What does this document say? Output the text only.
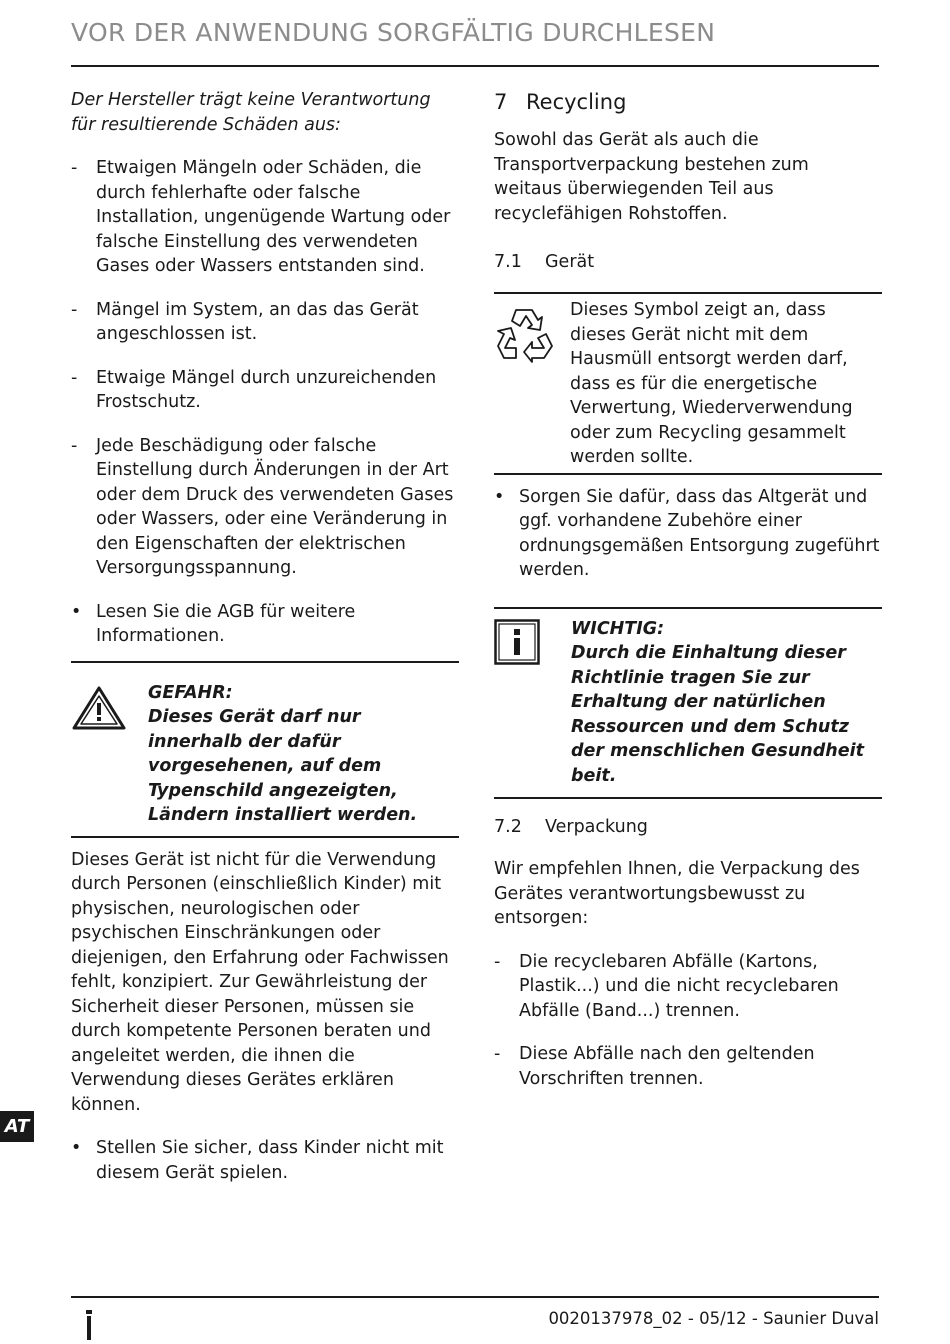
VOR DER ANWENDUNG SORGFÄLTIG DURCHLESEN

Der Hersteller trägt keine Verantwortung für resultierende Schäden aus:

- Etwaigen Mängeln oder Schäden, die durch fehlerhafte oder falsche Installation, ungenügende Wartung oder falsche Einstellung des verwendeten Gases oder Wassers entstanden sind.
- Mängel im System, an das das Gerät angeschlossen ist.
- Etwaige Mängel durch unzureichenden Frostschutz.
- Jede Beschädigung oder falsche Einstellung durch Änderungen in der Art oder dem Druck des verwendeten Gases oder Wassers, oder eine Veränderung in den Eigenschaften der elektrischen Versorgungsspannung.
• Lesen Sie die AGB für weitere Informationen.
GEFAHR:
Dieses Gerät darf nur innerhalb der dafür vorgesehenen, auf dem Typenschild angezeigten, Ländern installiert werden.

Dieses Gerät ist nicht für die Verwendung durch Personen (einschließlich Kinder) mit physischen, neurologischen oder psychischen Einschränkungen oder diejenigen, den Erfahrung oder Fachwissen fehlt, konzipiert. Zur Gewährleistung der Sicherheit dieser Personen, müssen sie durch kompetente Personen beraten und angeleitet werden, die ihnen die Verwendung dieses Gerätes erklären können.

• Stellen Sie sicher, dass Kinder nicht mit diesem Gerät spielen.
7 Recycling

Sowohl das Gerät als auch die Transportverpackung bestehen zum weitaus überwiegenden Teil aus recyclefähigen Rohstoffen.

7.1 Gerät
Dieses Symbol zeigt an, dass dieses Gerät nicht mit dem Hausmüll entsorgt werden darf, dass es für die energetische Verwertung, Wiederverwendung oder zum Recycling gesammelt werden sollte.
• Sorgen Sie dafür, dass das Altgerät und ggf. vorhandene Zubehöre einer ordnungsgemäßen Entsorgung zugeführt werden.
WICHTIG:
Durch die Einhaltung dieser Richtlinie tragen Sie zur Erhaltung der natürlichen Ressourcen und dem Schutz der menschlichen Gesundheit beit.
7.2 Verpackung

Wir empfehlen Ihnen, die Verpackung des Gerätes verantwortungsbewusst zu entsorgen:

- Die recyclebaren Abfälle (Kartons, Plastik...) und die nicht recyclebaren Abfälle (Band...) trennen.
- Diese Abfälle nach den geltenden Vorschriften trennen.
AT
0020137978_02 - 05/12 - Saunier Duval
